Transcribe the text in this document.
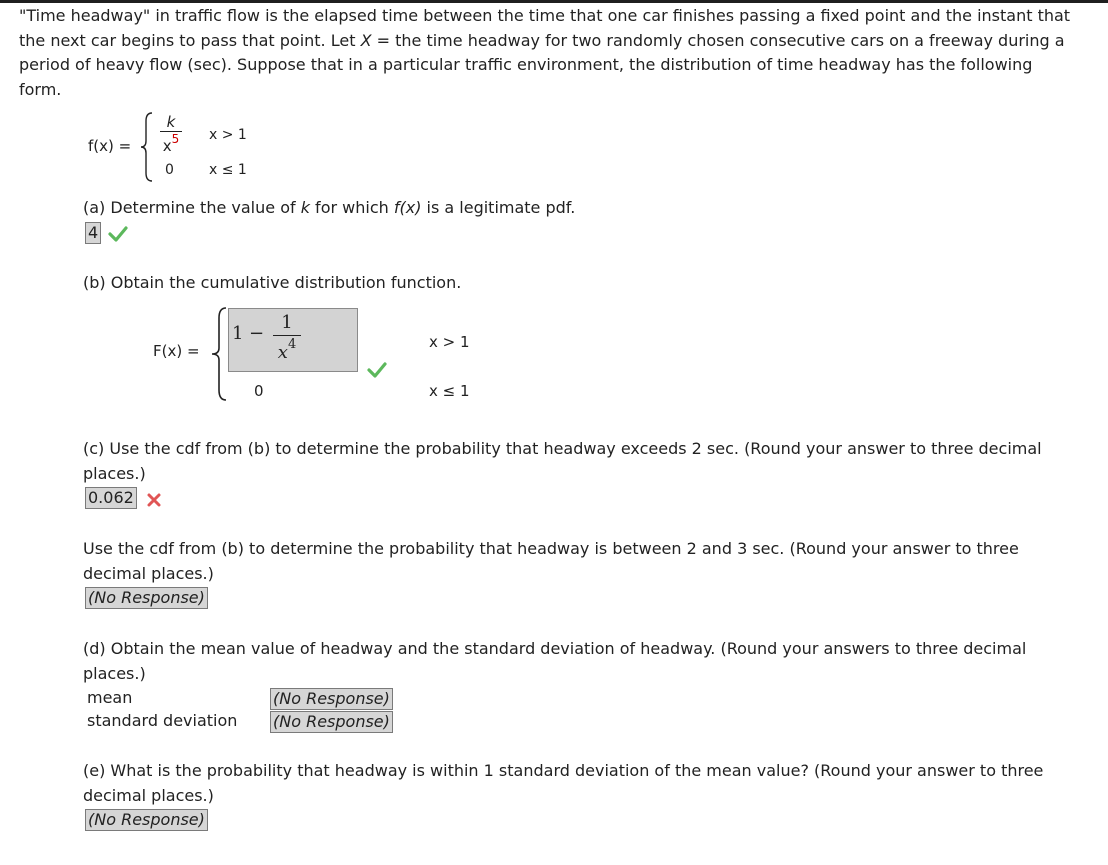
"Time headway" in traffic flow is the elapsed time between the time that one car finishes passing a fixed point and the instant that the next car begins to pass that point. Let X = the time headway for two randomly chosen consecutive cars on a freeway during a period of heavy flow (sec). Suppose that in a particular traffic environment, the distribution of time headway has the following form.
f(x) =
k
$x^5$
0
x > 1
x ≤ 1
(a) Determine the value of k for which f(x) is a legitimate pdf.
4
(b) Obtain the cumulative distribution function.
F(x) =
1 −
1
$x^4$
0
x > 1
x ≤ 1
(c) Use the cdf from (b) to determine the probability that headway exceeds 2 sec. (Round your answer to three decimal places.)
0.062
Use the cdf from (b) to determine the probability that headway is between 2 and 3 sec. (Round your answer to three decimal places.)
(No Response)
(d) Obtain the mean value of headway and the standard deviation of headway. (Round your answers to three decimal places.)
mean	(No Response)
standard deviation (No Response)
(e) What is the probability that headway is within 1 standard deviation of the mean value? (Round your answer to three decimal places.)
(No Response)
